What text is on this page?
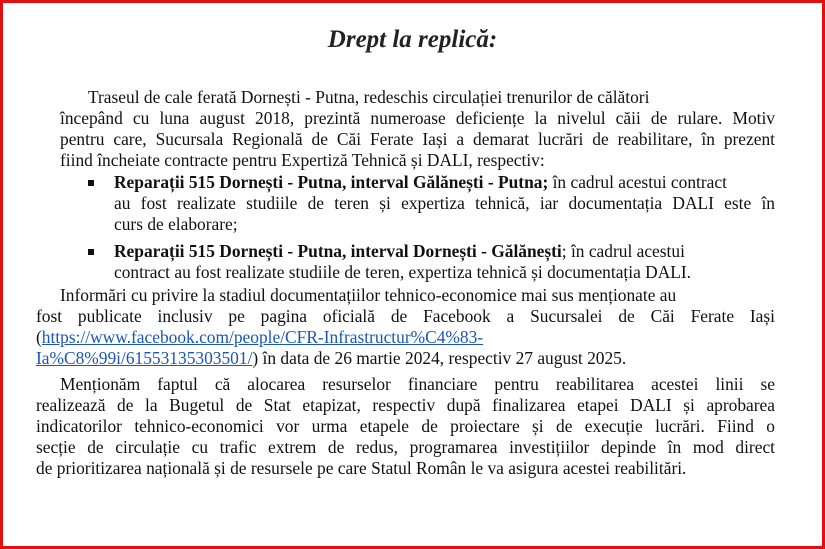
Drept la replică:
Traseul de cale ferată Dornești - Putna, redeschis circulației trenurilor de călători
începând cu luna august 2018, prezintă numeroase deficiențe la nivelul căii de rulare. Motiv
pentru care, Sucursala Regională de Căi Ferate Iași a demarat lucrări de reabilitare, în prezent
fiind încheiate contracte pentru Expertiză Tehnică și DALI, respectiv:
Reparații 515 Dornești - Putna, interval Gălănești - Putna; în cadrul acestui contract
au fost realizate studiile de teren și expertiza tehnică, iar documentația DALI este în
curs de elaborare;
Reparații 515 Dornești - Putna, interval Dornești - Gălănești; în cadrul acestui
contract au fost realizate studiile de teren, expertiza tehnică și documentația DALI.
Informări cu privire la stadiul documentațiilor tehnico-economice mai sus menționate au
fost publicate inclusiv pe pagina oficială de Facebook a Sucursalei de Căi Ferate Iași
(https://www.facebook.com/people/CFR-Infrastructur%C4%83-
Ia%C8%99i/61553135303501/) în data de 26 martie 2024, respectiv 27 august 2025.
Menționăm faptul că alocarea resurselor financiare pentru reabilitarea acestei linii se
realizează de la Bugetul de Stat etapizat, respectiv după finalizarea etapei DALI și aprobarea
indicatorilor tehnico-economici vor urma etapele de proiectare și de execuție lucrări. Fiind o
secție de circulație cu trafic extrem de redus, programarea investițiilor depinde în mod direct
de prioritizarea națională și de resursele pe care Statul Român le va asigura acestei reabilitări.
